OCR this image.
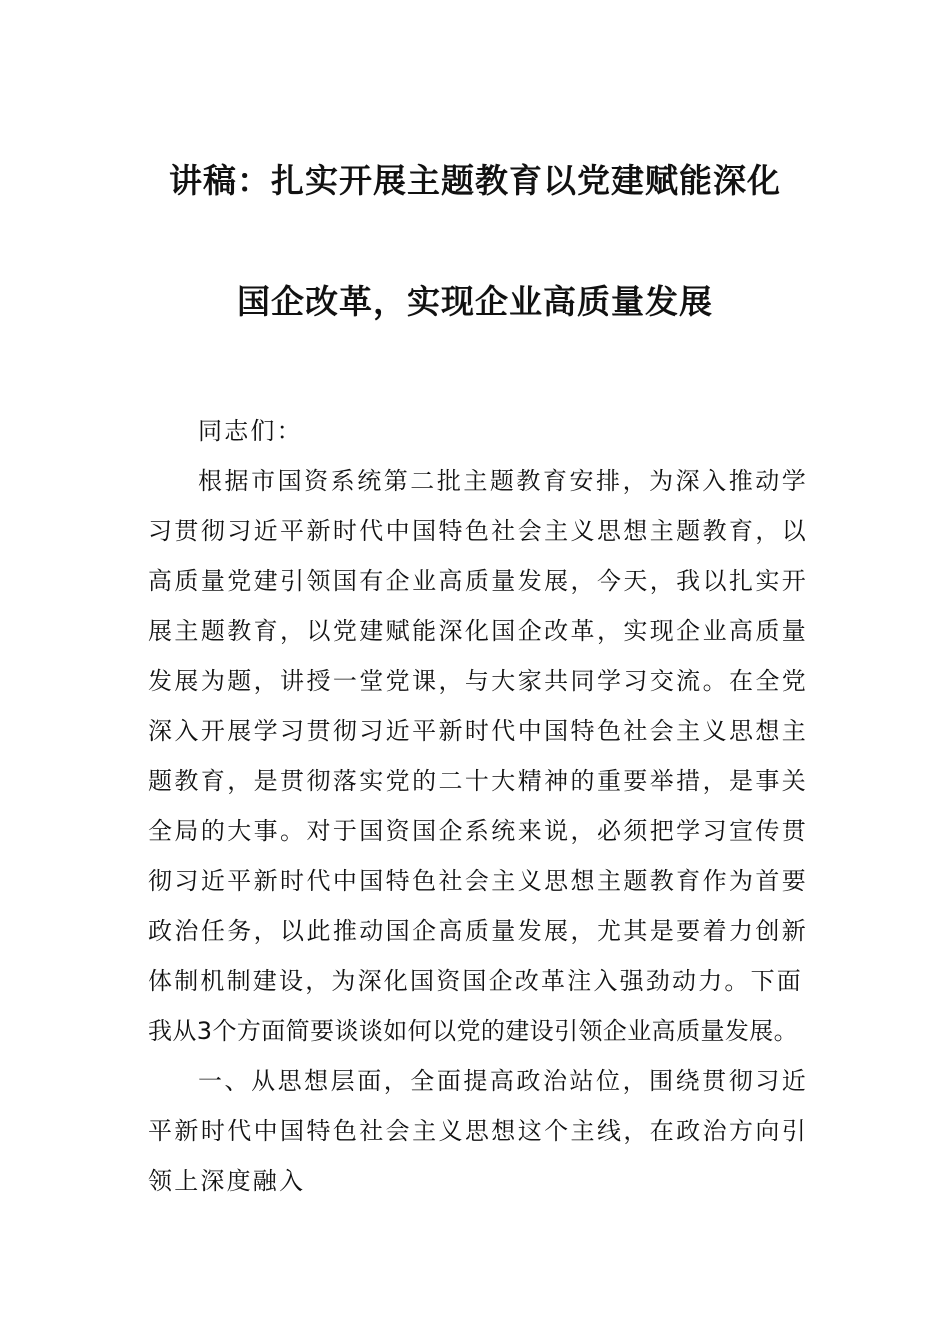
讲稿：扎实开展主题教育以党建赋能深化
国企改革，实现企业高质量发展

同志们：

根据市国资系统第二批主题教育安排，为深入推动学习贯彻习近平新时代中国特色社会主义思想主题教育，以高质量党建引领国有企业高质量发展，今天，我以扎实开展主题教育，以党建赋能深化国企改革，实现企业高质量发展为题，讲授一堂党课，与大家共同学习交流。在全党深入开展学习贯彻习近平新时代中国特色社会主义思想主题教育，是贯彻落实党的二十大精神的重要举措，是事关全局的大事。对于国资国企系统来说，必须把学习宣传贯彻习近平新时代中国特色社会主义思想主题教育作为首要政治任务，以此推动国企高质量发展，尤其是要着力创新体制机制建设，为深化国资国企改革注入强劲动力。下面
我从3个方面简要谈谈如何以党的建设引领企业高质量发展。

一、从思想层面，全面提高政治站位，围绕贯彻习近平新时代中国特色社会主义思想这个主线，在政治方向引领上深度融入
